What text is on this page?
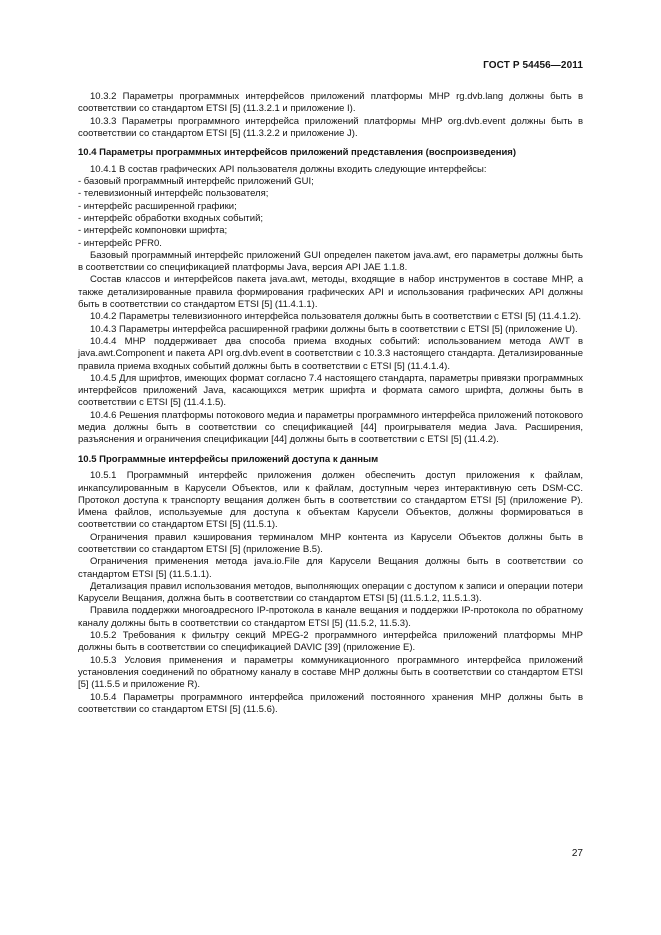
ГОСТ Р 54456—2011

10.3.2 Параметры программных интерфейсов приложений платформы МНР rg.dvb.lang должны быть в соответствии со стандартом ETSI [5] (11.3.2.1 и приложение I).

10.3.3 Параметры программного интерфейса приложений платформы МНР org.dvb.event должны быть в соответствии со стандартом ETSI [5] (11.3.2.2 и приложение J).

10.4 Параметры программных интерфейсов приложений представления (воспроизведения)

10.4.1 В состав графических API пользователя должны входить следующие интерфейсы:

- базовый программный интерфейс приложений GUI;

- телевизионный интерфейс пользователя;

- интерфейс расширенной графики;

- интерфейс обработки входных событий;

- интерфейс компоновки шрифта;

- интерфейс PFR0.

Базовый программный интерфейс приложений GUI определен пакетом java.awt, его параметры должны быть в соответствии со спецификацией платформы Java, версия API JAE 1.1.8.

Состав классов и интерфейсов пакета java.awt, методы, входящие в набор инструментов в составе МНР, а также детализированные правила формирования графических API и использования графических API должны быть в соответствии со стандартом ETSI [5] (11.4.1.1).

10.4.2 Параметры телевизионного интерфейса пользователя должны быть в соответствии с ETSI [5] (11.4.1.2).

10.4.3 Параметры интерфейса расширенной графики должны быть в соответствии с ETSI [5] (приложение U).

10.4.4 МНР поддерживает два способа приема входных событий: использованием метода AWT в java.awt.Component и пакета API org.dvb.event в соответствии с 10.3.3 настоящего стандарта. Детализированные правила приема входных событий должны быть в соответствии с ETSI [5] (11.4.1.4).

10.4.5 Для шрифтов, имеющих формат согласно 7.4 настоящего стандарта, параметры привязки программных интерфейсов приложений Java, касающихся метрик шрифта и формата самого шрифта, должны быть в соответствии с ETSI [5] (11.4.1.5).

10.4.6 Решения платформы потокового медиа и параметры программного интерфейса приложений потокового медиа должны быть в соответствии со спецификацией [44] проигрывателя медиа Java. Расширения, разъяснения и ограничения спецификации [44] должны быть в соответствии с ETSI [5] (11.4.2).

10.5 Программные интерфейсы приложений доступа к данным

10.5.1 Программный интерфейс приложения должен обеспечить доступ приложения к файлам, инкапсулированным в Карусели Объектов, или к файлам, доступным через интерактивную сеть DSM-CC. Протокол доступа к транспорту вещания должен быть в соответствии со стандартом ETSI [5] (приложение Р). Имена файлов, используемые для доступа к объектам Карусели Объектов, должны формироваться в соответствии со стандартом ETSI [5] (11.5.1).

Ограничения правил кэширования терминалом МНР контента из Карусели Объектов должны быть в соответствии со стандартом ETSI [5] (приложение В.5).

Ограничения применения метода java.io.File для Карусели Вещания должны быть в соответствии со стандартом ETSI [5] (11.5.1.1).

Детализация правил использования методов, выполняющих операции с доступом к записи и операции потери Карусели Вещания, должна быть в соответствии со стандартом ETSI [5] (11.5.1.2, 11.5.1.3).

Правила поддержки многоадресного IP-протокола в канале вещания и поддержки IP-протокола по обратному каналу должны быть в соответствии со стандартом ETSI [5] (11.5.2, 11.5.3).

10.5.2 Требования к фильтру секций MPEG-2 программного интерфейса приложений платформы МНР должны быть в соответствии со спецификацией DAVIC [39] (приложение E).

10.5.3 Условия применения и параметры коммуникационного программного интерфейса приложений установления соединений по обратному каналу в составе МНР должны быть в соответствии со стандартом ETSI [5] (11.5.5 и приложение R).

10.5.4 Параметры программного интерфейса приложений постоянного хранения МНР должны быть в соответствии со стандартом ETSI [5] (11.5.6).

27
